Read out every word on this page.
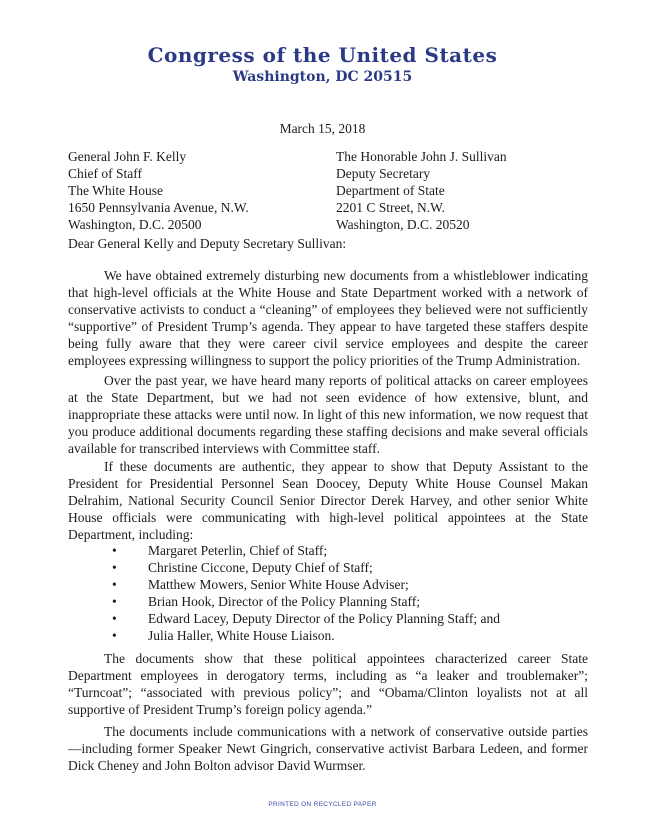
Congress of the United States
Washington, DC 20515
March 15, 2018
General John F. Kelly
Chief of Staff
The White House
1650 Pennsylvania Avenue, N.W.
Washington, D.C. 20500
The Honorable John J. Sullivan
Deputy Secretary
Department of State
2201 C Street, N.W.
Washington, D.C. 20520
Dear General Kelly and Deputy Secretary Sullivan:

We have obtained extremely disturbing new documents from a whistleblower indicating that high-level officials at the White House and State Department worked with a network of conservative activists to conduct a “cleaning” of employees they believed were not sufficiently “supportive” of President Trump’s agenda. They appear to have targeted these staffers despite being fully aware that they were career civil service employees and despite the career employees expressing willingness to support the policy priorities of the Trump Administration.

Over the past year, we have heard many reports of political attacks on career employees at the State Department, but we had not seen evidence of how extensive, blunt, and inappropriate these attacks were until now. In light of this new information, we now request that you produce additional documents regarding these staffing decisions and make several officials available for transcribed interviews with Committee staff.

If these documents are authentic, they appear to show that Deputy Assistant to the President for Presidential Personnel Sean Doocey, Deputy White House Counsel Makan Delrahim, National Security Council Senior Director Derek Harvey, and other senior White House officials were communicating with high-level political appointees at the State Department, including:

• Margaret Peterlin, Chief of Staff;
• Christine Ciccone, Deputy Chief of Staff;
• Matthew Mowers, Senior White House Adviser;
• Brian Hook, Director of the Policy Planning Staff;
• Edward Lacey, Deputy Director of the Policy Planning Staff; and
• Julia Haller, White House Liaison.

The documents show that these political appointees characterized career State Department employees in derogatory terms, including as “a leaker and troublemaker”; “Turncoat”; “associated with previous policy”; and “Obama/Clinton loyalists not at all supportive of President Trump’s foreign policy agenda.”

The documents include communications with a network of conservative outside parties—including former Speaker Newt Gingrich, conservative activist Barbara Ledeen, and former Dick Cheney and John Bolton advisor David Wurmser.

PRINTED ON RECYCLED PAPER
